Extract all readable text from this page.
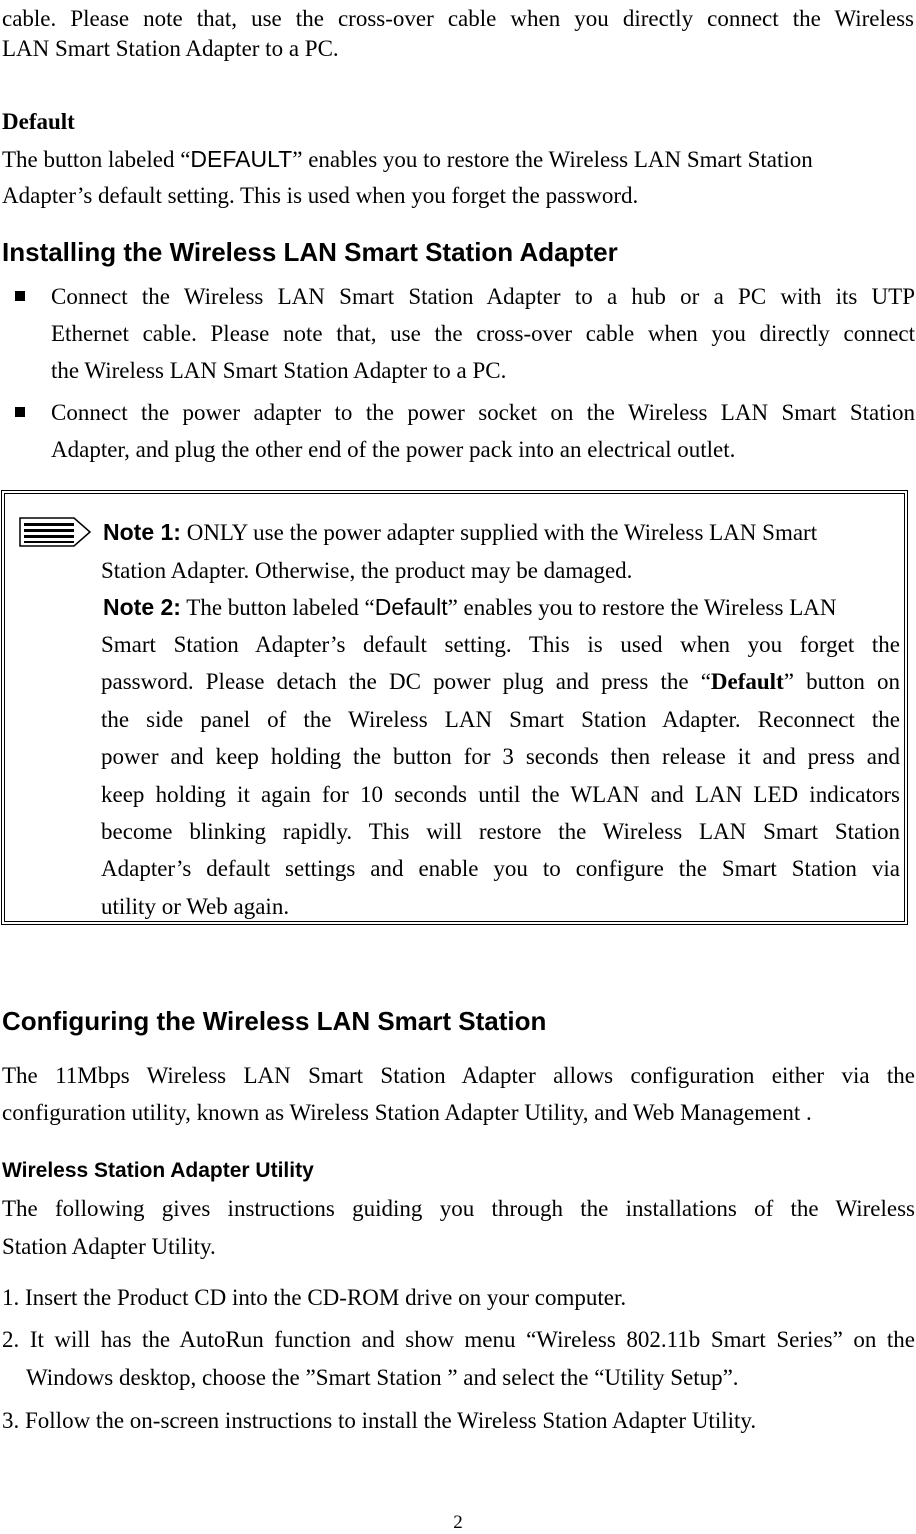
cable. Please note that, use the cross-over cable when you directly connect the Wireless
LAN Smart Station Adapter to a PC.
Default
The button labeled “DEFAULT” enables you to restore the Wireless LAN Smart Station
Adapter’s default setting. This is used when you forget the password.
Installing the Wireless LAN Smart Station Adapter
Connect the Wireless LAN Smart Station Adapter to a hub or a PC with its UTP
Ethernet cable. Please note that, use the cross-over cable when you directly connect
the Wireless LAN Smart Station Adapter to a PC.
Connect the power adapter to the power socket on the Wireless LAN Smart Station
Adapter, and plug the other end of the power pack into an electrical outlet.
Note 1: ONLY use the power adapter supplied with the Wireless LAN Smart
Station Adapter. Otherwise, the product may be damaged.
Note 2: The button labeled “Default” enables you to restore the Wireless LAN
Smart Station Adapter’s default setting. This is used when you forget the
password. Please detach the DC power plug and press the “Default” button on
the side panel of the Wireless LAN Smart Station Adapter. Reconnect the
power and keep holding the button for 3 seconds then release it and press and
keep holding it again for 10 seconds until the WLAN and LAN LED indicators
become blinking rapidly. This will restore the Wireless LAN Smart Station
Adapter’s default settings and enable you to configure the Smart Station via
utility or Web again.
Configuring the Wireless LAN Smart Station
The 11Mbps Wireless LAN Smart Station Adapter allows configuration either via the
configuration utility, known as Wireless Station Adapter Utility, and Web Management .
Wireless Station Adapter Utility
The following gives instructions guiding you through the installations of the Wireless
Station Adapter Utility.
1. Insert the Product CD into the CD-ROM drive on your computer.
2. It will has the AutoRun function and show menu “Wireless 802.11b Smart Series” on the
Windows desktop, choose the ”Smart Station ” and select the “Utility Setup”.
3. Follow the on-screen instructions to install the Wireless Station Adapter Utility.
2
